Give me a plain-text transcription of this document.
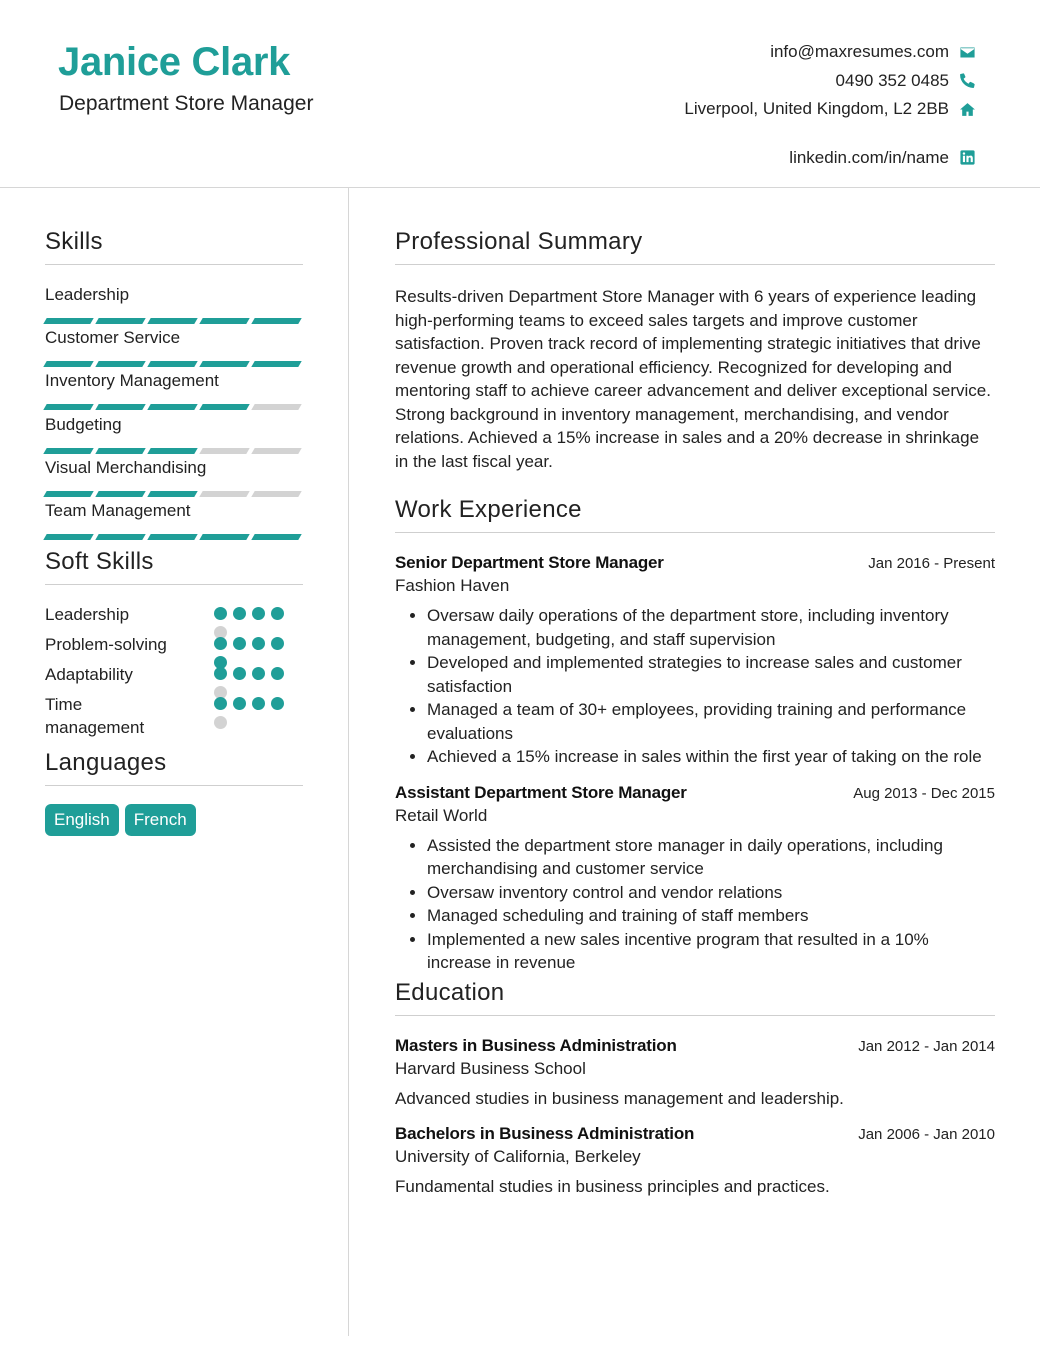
Janice Clark
Department Store Manager
info@maxresumes.com
0490 352 0485
Liverpool, United Kingdom, L2 2BB
linkedin.com/in/name
Skills
Leadership
Customer Service
Inventory Management
Budgeting
Visual Merchandising
Team Management
Soft Skills
Leadership
Problem-solving
Adaptability
Time management
Languages
English	French
Professional Summary

Results-driven Department Store Manager with 6 years of experience leading high-performing teams to exceed sales targets and improve customer satisfaction. Proven track record of implementing strategic initiatives that drive revenue growth and operational efficiency. Recognized for developing and mentoring staff to achieve career advancement and deliver exceptional service. Strong background in inventory management, merchandising, and vendor relations. Achieved a 15% increase in sales and a 20% decrease in shrinkage in the last fiscal year.

Work Experience
Senior Department Store Manager	Jan 2016 - Present
Fashion Haven
• Oversaw daily operations of the department store, including inventory management, budgeting, and staff supervision
• Developed and implemented strategies to increase sales and customer satisfaction
• Managed a team of 30+ employees, providing training and performance evaluations
• Achieved a 15% increase in sales within the first year of taking on the role
Assistant Department Store Manager	Aug 2013 - Dec 2015
Retail World
• Assisted the department store manager in daily operations, including merchandising and customer service
• Oversaw inventory control and vendor relations
• Managed scheduling and training of staff members
• Implemented a new sales incentive program that resulted in a 10% increase in revenue
Education
Masters in Business Administration	Jan 2012 - Jan 2014
Harvard Business School

Advanced studies in business management and leadership.

Bachelors in Business Administration	Jan 2006 - Jan 2010
University of California, Berkeley

Fundamental studies in business principles and practices.
